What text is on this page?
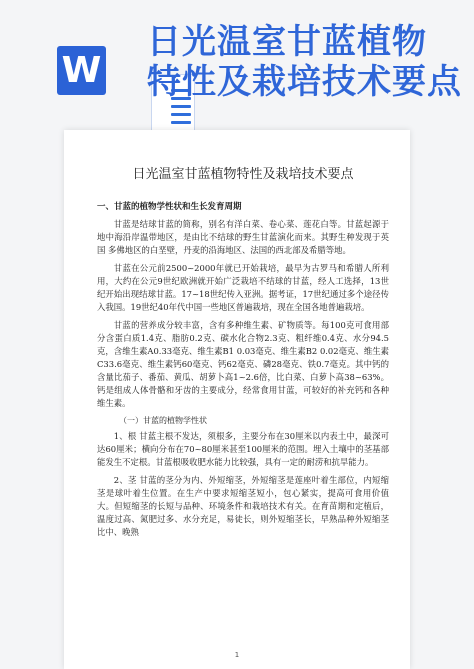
W
日光温室甘蓝植物
特性及栽培技术要点
日光温室甘蓝植物特性及栽培技术要点
一、甘蓝的植物学性状和生长发育周期

甘蓝是结球甘蓝的简称，别名有洋白菜、卷心菜、莲花白等。甘蓝起源于地中海沿岸温带地区，是由比不结球的野生甘蓝演化而来。其野生种发现于英国 多佛地区的白垩壁，丹麦的沿海地区、法国的西北部及希腊等地。

甘蓝在公元前2500~2000年就已开始栽培，最早为古罗马和希腊人所利用，大约在公元9世纪欧洲就开始广泛栽培不结球的甘蓝，经人工选择，13世纪开始出现结球甘蓝。17~18世纪传入亚洲。据考证，17世纪通过多个途径传入我国。19世纪40年代中国一些地区普遍栽培，现在全国各地普遍栽培。

甘蓝的营养成分较丰富，含有多种维生素、矿物质等。每100克可食用部分含蛋白质1.4克、脂肪0.2克、碳水化合物2.3克、粗纤维0.4克、水分94.5克，含维生素A0.33毫克、维生素B1 0.03毫克、维生素B2 0.02毫克、维生素C33.6毫克、维生素钙60毫克、钙62毫克、磷28毫克、铁0.7毫克。其中钙的含量比茄子、番茄、黄瓜、胡萝卜高1~2.6倍，比白菜、白萝卜高38~63%。钙是组成人体骨骼和牙齿的主要成分，经常食用甘蓝，可较好的补充钙和各种维生素。

（一）甘蓝的植物学性状

1、根 甘蓝主根不发达，须根多，主要分布在30厘米以内表土中，最深可达60厘米；横向分布在70~80厘米甚至100厘米的范围。埋入土壤中的茎基部能发生不定根。甘蓝根吸收肥水能力比较强，具有一定的耐涝和抗旱能力。

2、茎 甘蓝的茎分为内、外短缩茎，外短缩茎是莲座叶着生部位，内短缩茎是球叶着生位置。在生产中要求短缩茎短小，包心紧实，提高可食用价值大。但短缩茎的长短与品种、环境条件和栽培技术有关。在育苗期和定植后，温度过高、氮肥过多、水分充足，易徒长，则外短缩茎长，早熟品种外短缩茎比中、晚熟

1
